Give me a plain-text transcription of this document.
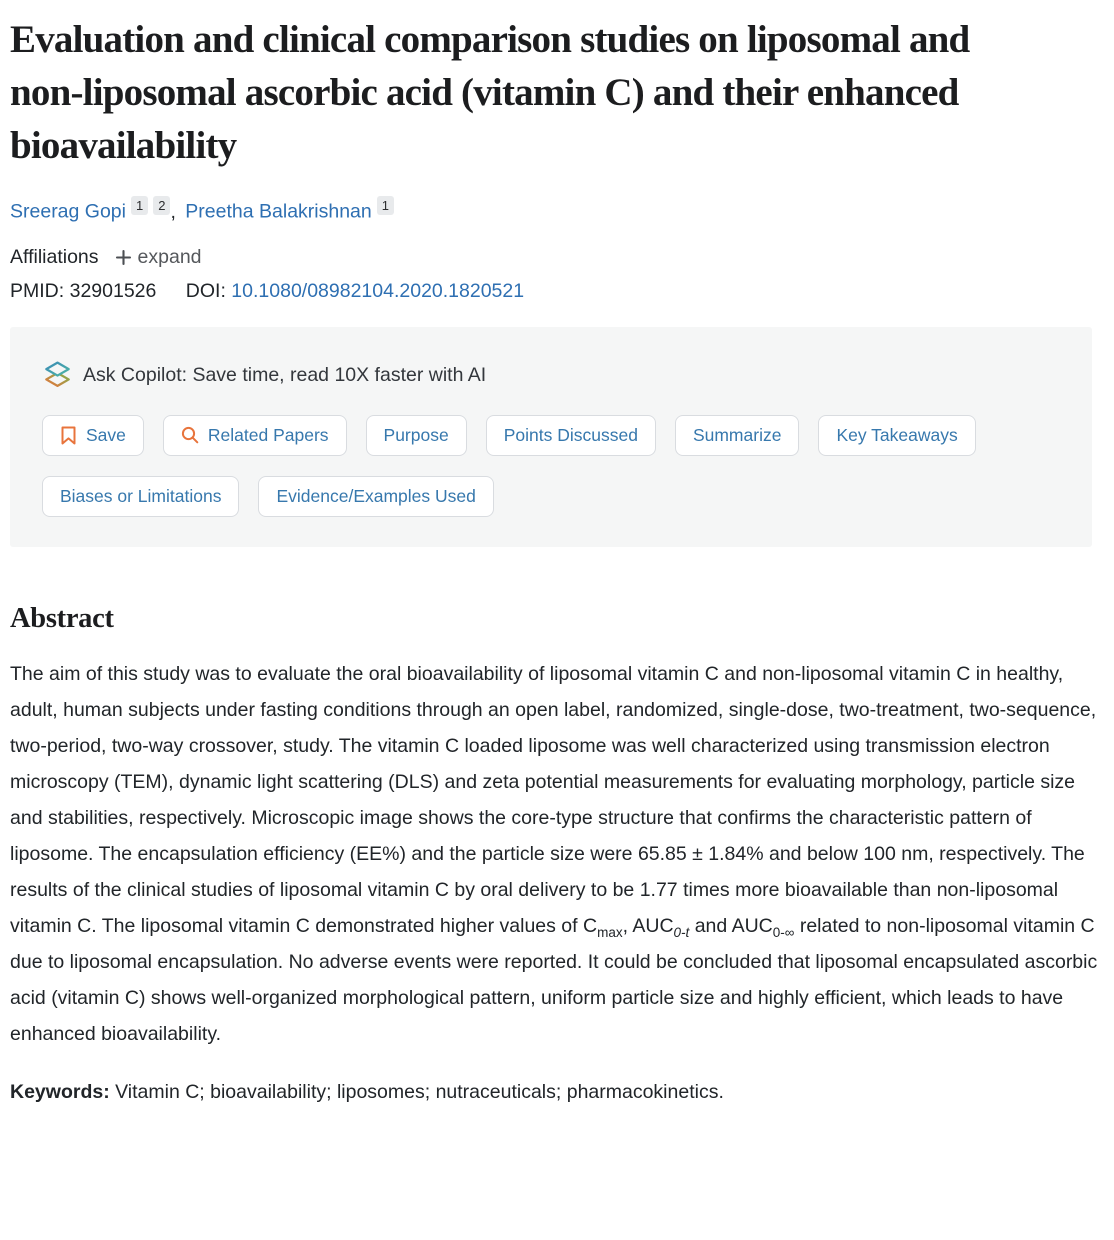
Evaluation and clinical comparison studies on liposomal and non-liposomal ascorbic acid (vitamin C) and their enhanced bioavailability
Sreerag Gopi $^1$ $^2$ , Preetha Balakrishnan $^1$
Affiliations expand
PMID: 32901526 DOI: 10.1080/08982104.2020.1820521
Ask Copilot: Save time, read 10X faster with AI
Save	Related Papers	Purpose	Points Discussed	Summarize	Key Takeaways
Biases or Limitations	Evidence/Examples Used
Abstract

The aim of this study was to evaluate the oral bioavailability of liposomal vitamin C and non-liposomal vitamin C in healthy, adult, human subjects under fasting conditions through an open label, randomized, single-dose, two-treatment, two-sequence, two-period, two-way crossover, study. The vitamin C loaded liposome was well characterized using transmission electron microscopy (TEM), dynamic light scattering (DLS) and zeta potential measurements for evaluating morphology, particle size and stabilities, respectively. Microscopic image shows the core-type structure that confirms the characteristic pattern of liposome. The encapsulation efficiency (EE%) and the particle size were 65.85 ± 1.84% and below 100 nm, respectively. The results of the clinical studies of liposomal vitamin C by oral delivery to be 1.77 times more bioavailable than non-liposomal vitamin C. The liposomal vitamin C demonstrated higher values of $C_{max}$, $AUC_{0-t}$ and $AUC_{0-\infty}$ related to non-liposomal vitamin C due to liposomal encapsulation. No adverse events were reported. It could be concluded that liposomal encapsulated ascorbic acid (vitamin C) shows well-organized morphological pattern, uniform particle size and highly efficient, which leads to have enhanced bioavailability.

Keywords: Vitamin C; bioavailability; liposomes; nutraceuticals; pharmacokinetics.
